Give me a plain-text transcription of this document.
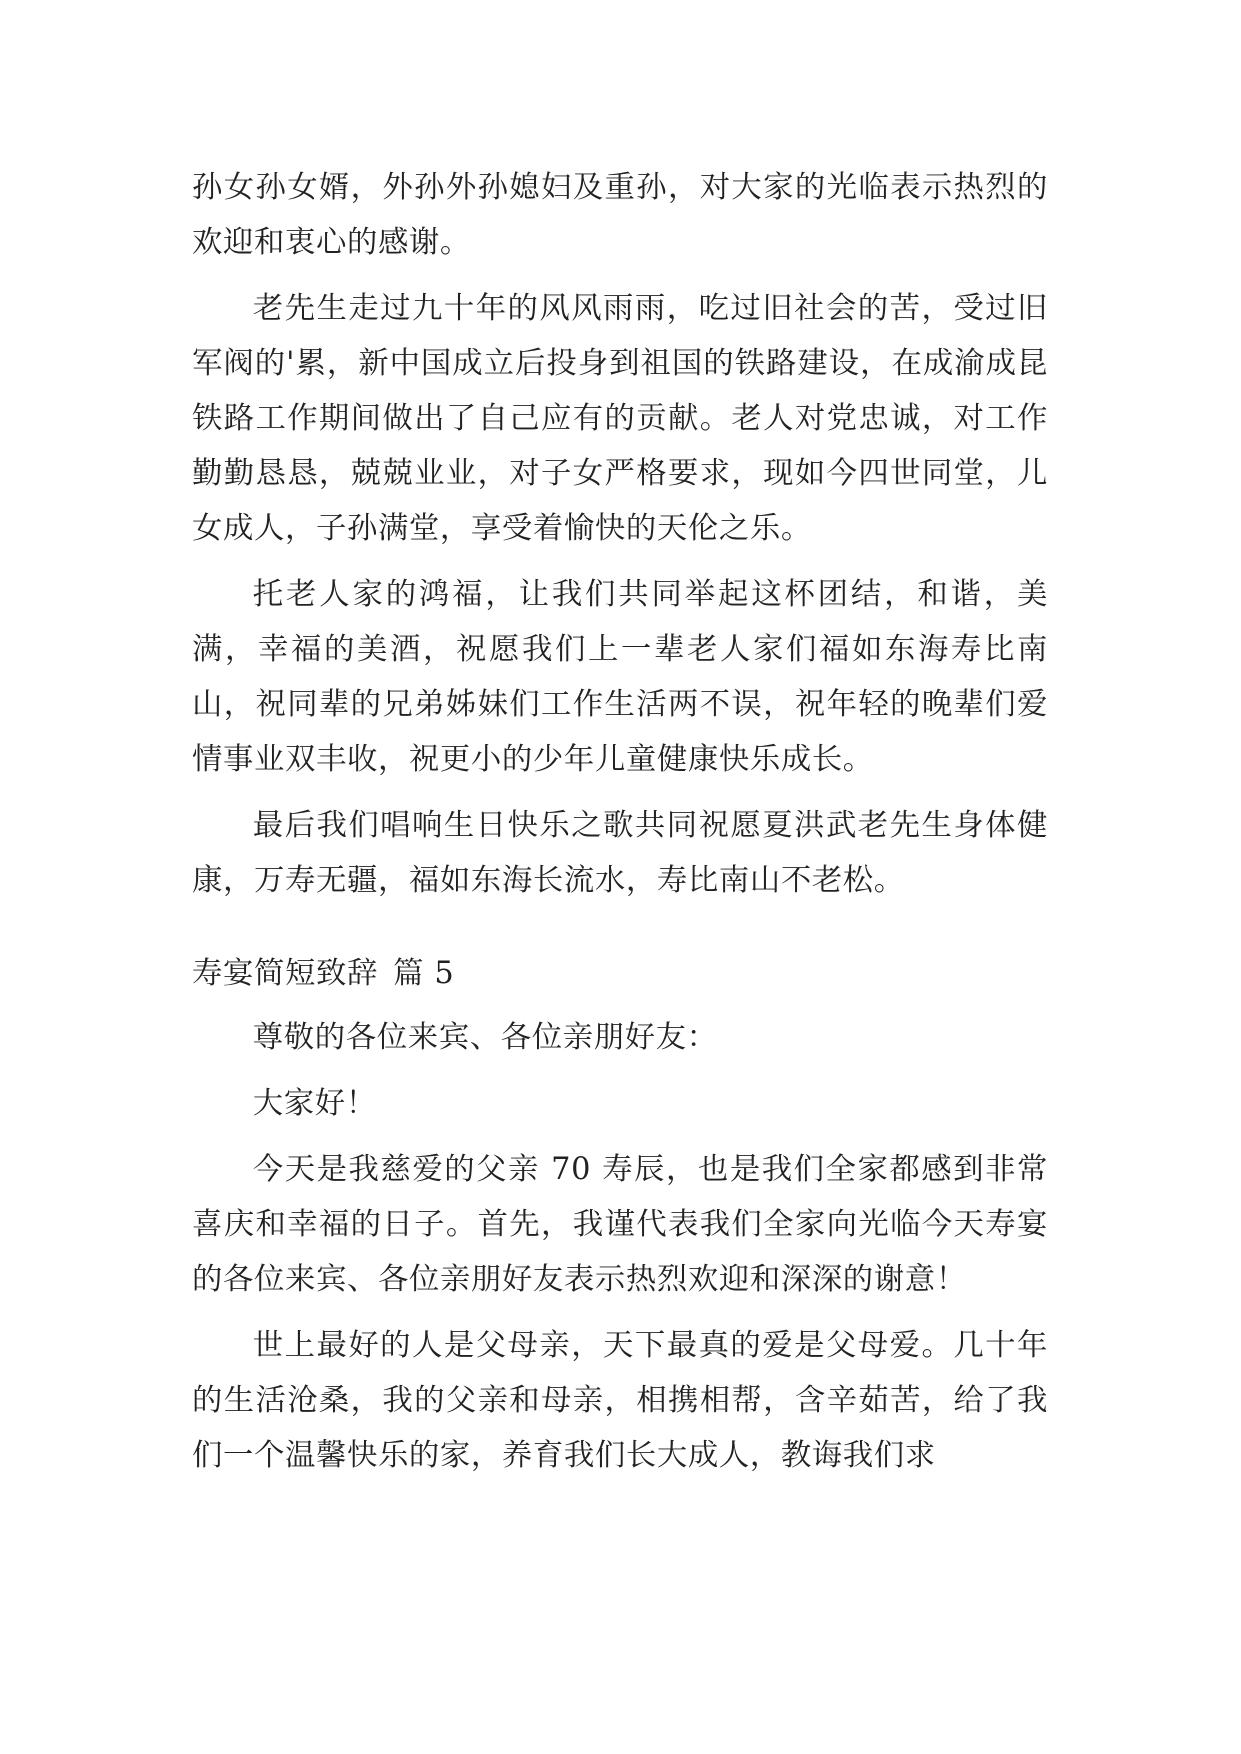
孙女孙女婿，外孙外孙媳妇及重孙，对大家的光临表示热烈的欢迎和衷心的感谢。

老先生走过九十年的风风雨雨，吃过旧社会的苦，受过旧军阀的'累，新中国成立后投身到祖国的铁路建设，在成渝成昆铁路工作期间做出了自己应有的贡献。老人对党忠诚，对工作勤勤恳恳，兢兢业业，对子女严格要求，现如今四世同堂，儿女成人，子孙满堂，享受着愉快的天伦之乐。

托老人家的鸿福，让我们共同举起这杯团结，和谐，美满，幸福的美酒，祝愿我们上一辈老人家们福如东海寿比南山，祝同辈的兄弟姊妹们工作生活两不误，祝年轻的晚辈们爱情事业双丰收，祝更小的少年儿童健康快乐成长。

最后我们唱响生日快乐之歌共同祝愿夏洪武老先生身体健康，万寿无疆，福如东海长流水，寿比南山不老松。

寿宴简短致辞 篇 5

尊敬的各位来宾、各位亲朋好友：

大家好！

今天是我慈爱的父亲 70 寿辰，也是我们全家都感到非常喜庆和幸福的日子。首先，我谨代表我们全家向光临今天寿宴的各位来宾、各位亲朋好友表示热烈欢迎和深深的谢意！

世上最好的人是父母亲，天下最真的爱是父母爱。几十年的生活沧桑，我的父亲和母亲，相携相帮，含辛茹苦，给了我们一个温馨快乐的家，养育我们长大成人，教诲我们求
